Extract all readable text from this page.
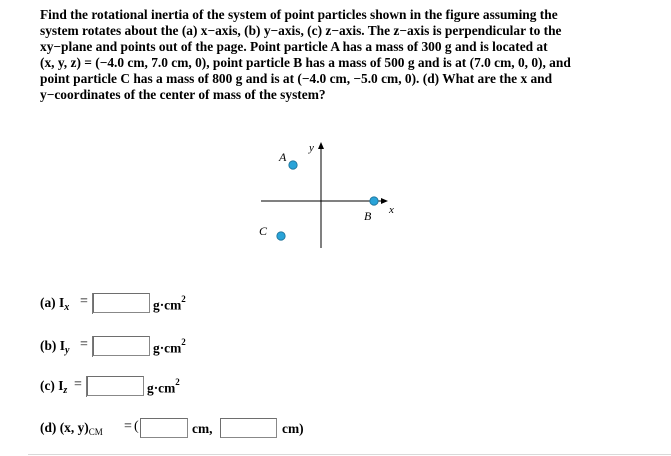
Find the rotational inertia of the system of point particles shown in the figure assuming the
system rotates about the (a) x−axis, (b) y−axis, (c) z−axis. The z−axis is perpendicular to the
xy−plane and points out of the page. Point particle A has a mass of 300 g and is located at
(x, y, z) = (−4.0 cm, 7.0 cm, 0), point particle B has a mass of 500 g and is at (7.0 cm, 0, 0), and
point particle C has a mass of 800 g and is at (−4.0 cm, −5.0 cm, 0). (d) What are the x and
y−coordinates of the center of mass of the system?
y
x
A
B
C
(a) $I_x$ =	$g\cdot cm^2$
(b) $I_y$ =	$g\cdot cm^2$
(c) $I_z$ =	$g\cdot cm^2$
(d) (x, $y)_{CM}$ = (	cm,	cm)
